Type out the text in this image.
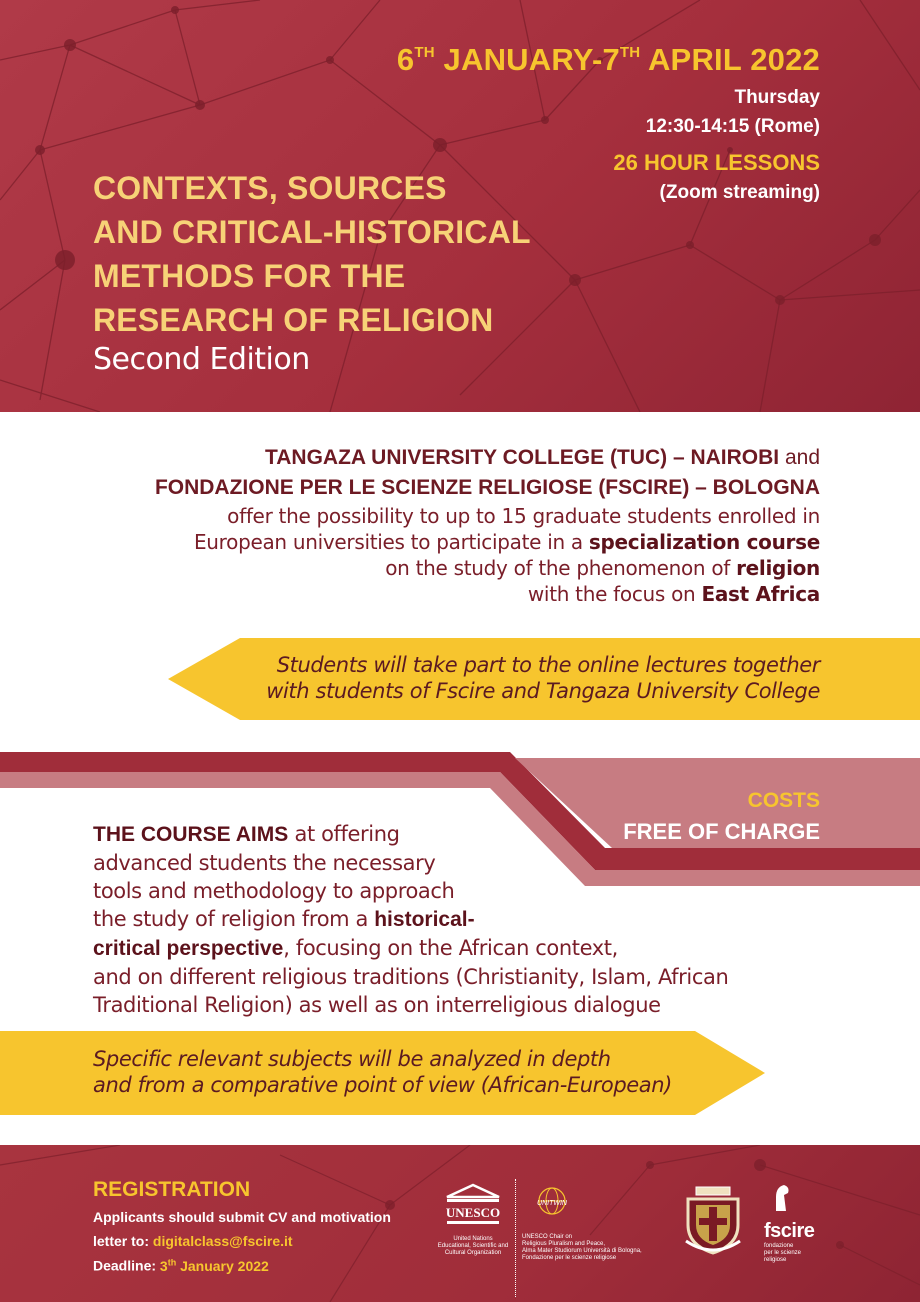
6TH JANUARY-7TH APRIL 2022
Thursday
12:30-14:15 (Rome)
26 HOUR LESSONS
(Zoom streaming)
CONTEXTS, SOURCES
AND CRITICAL-HISTORICAL
METHODS FOR THE
RESEARCH OF RELIGION
Second Edition
TANGAZA UNIVERSITY COLLEGE (TUC) – NAIROBI and
FONDAZIONE PER LE SCIENZE RELIGIOSE (FSCIRE) – BOLOGNA
offer the possibility to up to 15 graduate students enrolled in
European universities to participate in a specialization course
on the study of the phenomenon of religion
with the focus on East Africa
Students will take part to the online lectures together
with students of Fscire and Tangaza University College
COSTS
FREE OF CHARGE
THE COURSE AIMS at offering
advanced students the necessary
tools and methodology to approach
the study of religion from a historical-
critical perspective, focusing on the African context,
and on different religious traditions (Christianity, Islam, African
Traditional Religion) as well as on interreligious dialogue
Specific relevant subjects will be analyzed in depth
and from a comparative point of view (African-European)
REGISTRATION
Applicants should submit CV and motivation
letter to: digitalclass@fscire.it
Deadline: 3th January 2022
UNESCO
United Nations
Educational, Scientific and
Cultural Organization
UNITWIN
UNESCO Chair on
Religious Pluralism and Peace,
Alma Mater Studiorum Università di Bologna,
Fondazione per le scienze religiose
fscire
fondazione
per le scienze
religiose
